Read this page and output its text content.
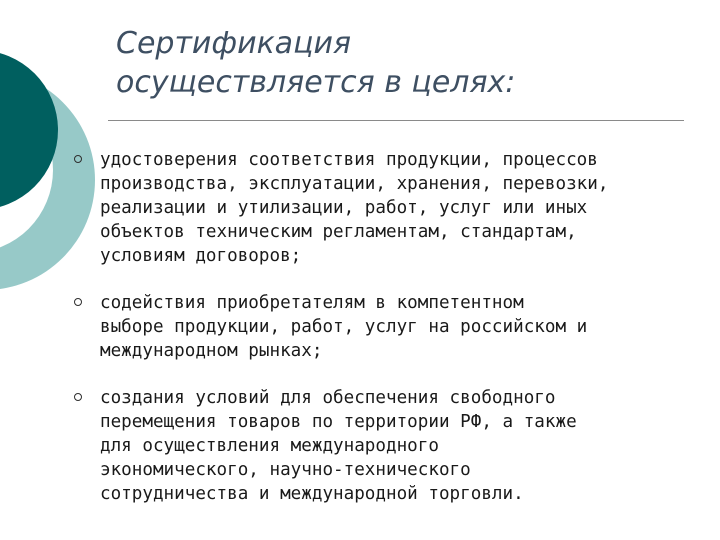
Сертификация
осуществляется в целях:
удостоверения соответствия продукции, процессов
производства, эксплуатации, хранения, перевозки,
реализации и утилизации, работ, услуг или иных
объектов техническим регламентам, стандартам,
условиям договоров;
содействия приобретателям в компетентном
выборе продукции, работ, услуг на российском и
международном рынках;
создания условий для обеспечения свободного
перемещения товаров по территории РФ, а также
для осуществления международного
экономического, научно-технического
сотрудничества и международной торговли.
